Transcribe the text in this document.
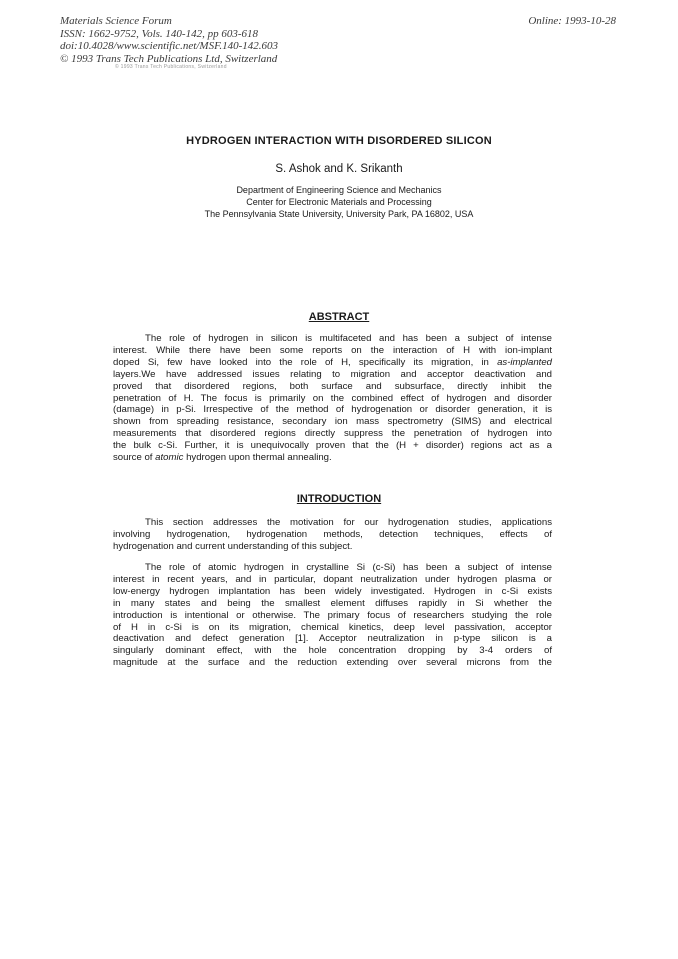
Materials Science Forum
ISSN: 1662-9752, Vols. 140-142, pp 603-618
doi:10.4028/www.scientific.net/MSF.140-142.603
© 1993 Trans Tech Publications Ltd, Switzerland
Online: 1993-10-28
© 1993 Trans Tech Publications, Switzerland
HYDROGEN INTERACTION WITH DISORDERED SILICON
S. Ashok and K. Srikanth
Department of Engineering Science and Mechanics
Center for Electronic Materials and Processing
The Pennsylvania State University, University Park, PA 16802, USA
ABSTRACT
The role of hydrogen in silicon is multifaceted and has been a subject of intense
interest. While there have been some reports on the interaction of H with ion-implant
doped Si, few have looked into the role of H, specifically its migration, in as-implanted
layers.We have addressed issues relating to migration and acceptor deactivation and
proved that disordered regions, both surface and subsurface, directly inhibit the
penetration of H. The focus is primarily on the combined effect of hydrogen and disorder
(damage) in p-Si. Irrespective of the method of hydrogenation or disorder generation, it is
shown from spreading resistance, secondary ion mass spectrometry (SIMS) and electrical
measurements that disordered regions directly suppress the penetration of hydrogen into
the bulk c-Si. Further, it is unequivocally proven that the (H + disorder) regions act as a
source of atomic hydrogen upon thermal annealing.
INTRODUCTION
This section addresses the motivation for our hydrogenation studies, applications
involving hydrogenation, hydrogenation methods, detection techniques, effects of
hydrogenation and current understanding of this subject.
The role of atomic hydrogen in crystalline Si (c-Si) has been a subject of intense
interest in recent years, and in particular, dopant neutralization under hydrogen plasma or
low-energy hydrogen implantation has been widely investigated. Hydrogen in c-Si exists
in many states and being the smallest element diffuses rapidly in Si whether the
introduction is intentional or otherwise. The primary focus of researchers studying the role
of H in c-Si is on its migration, chemical kinetics, deep level passivation, acceptor
deactivation and defect generation [1]. Acceptor neutralization in p-type silicon is a
singularly dominant effect, with the hole concentration dropping by 3-4 orders of
magnitude at the surface and the reduction extending over several microns from the
